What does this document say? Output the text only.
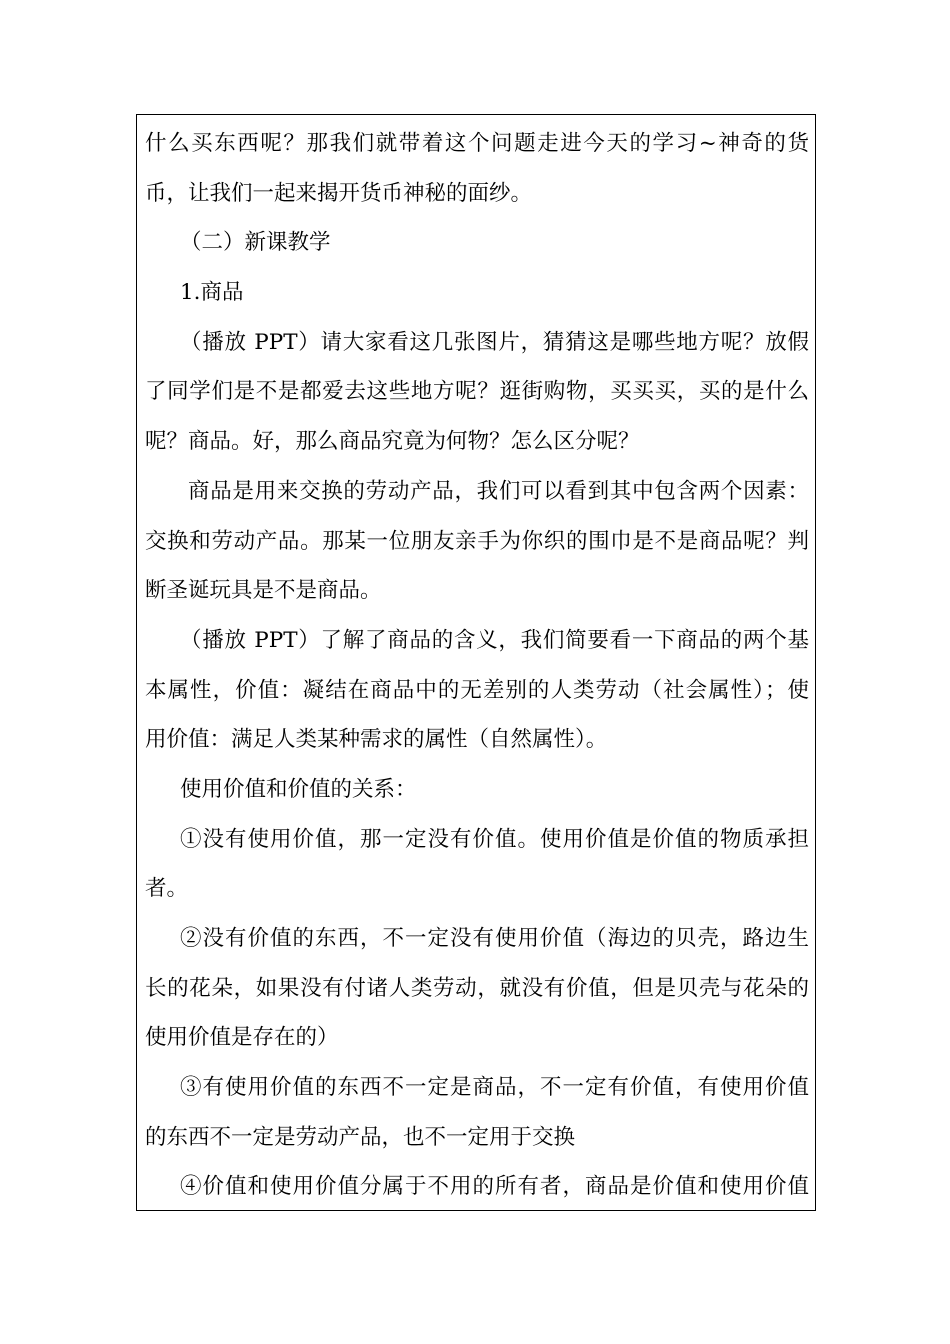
什么买东西呢？那我们就带着这个问题走进今天的学习~神奇的货
币，让我们一起来揭开货币神秘的面纱。
（二）新课教学
1.商品
（播放 PPT）请大家看这几张图片，猜猜这是哪些地方呢？放假
了同学们是不是都爱去这些地方呢？逛街购物，买买买，买的是什么
呢？商品。好，那么商品究竟为何物？怎么区分呢？
商品是用来交换的劳动产品，我们可以看到其中包含两个因素：
交换和劳动产品。那某一位朋友亲手为你织的围巾是不是商品呢？判
断圣诞玩具是不是商品。
（播放 PPT）了解了商品的含义，我们简要看一下商品的两个基
本属性，价值：凝结在商品中的无差别的人类劳动（社会属性）；使
用价值：满足人类某种需求的属性（自然属性）。
使用价值和价值的关系：
①没有使用价值，那一定没有价值。使用价值是价值的物质承担
者。
②没有价值的东西，不一定没有使用价值（海边的贝壳，路边生
长的花朵，如果没有付诸人类劳动，就没有价值，但是贝壳与花朵的
使用价值是存在的）
③有使用价值的东西不一定是商品，不一定有价值，有使用价值
的东西不一定是劳动产品，也不一定用于交换
④价值和使用价值分属于不用的所有者，商品是价值和使用价值
